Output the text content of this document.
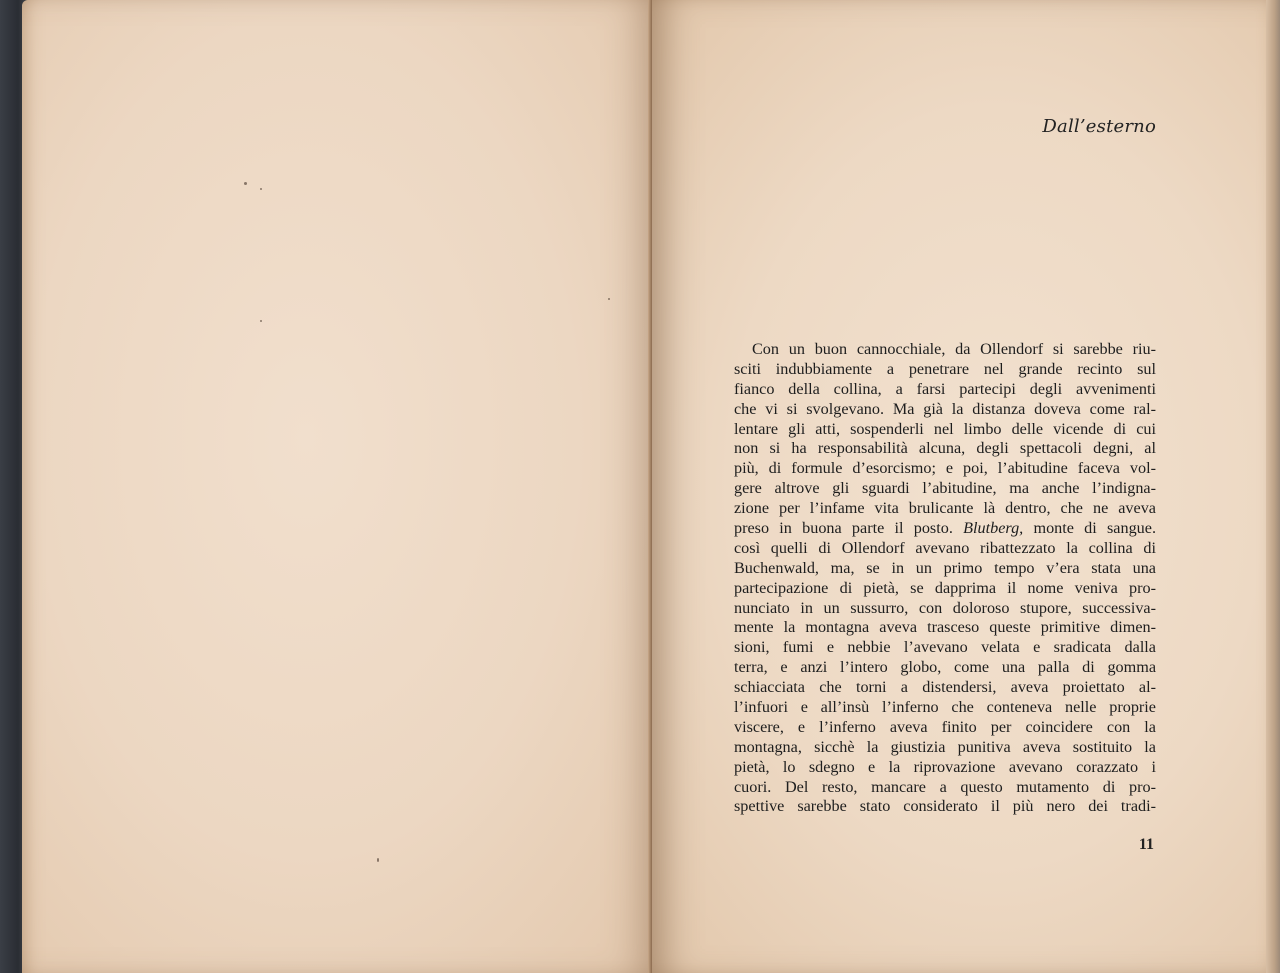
Dall’esterno

Con un buon cannocchiale, da Ollendorf si sarebbe riu-
sciti indubbiamente a penetrare nel grande recinto sul
fianco della collina, a farsi partecipi degli avvenimenti
che vi si svolgevano. Ma già la distanza doveva come ral-
lentare gli atti, sospenderli nel limbo delle vicende di cui
non si ha responsabilità alcuna, degli spettacoli degni, al
più, di formule d’esorcismo; e poi, l’abitudine faceva vol-
gere altrove gli sguardi l’abitudine, ma anche l’indigna-
zione per l’infame vita brulicante là dentro, che ne aveva
preso in buona parte il posto. Blutberg, monte di sangue.
così quelli di Ollendorf avevano ribattezzato la collina di
Buchenwald, ma, se in un primo tempo v’era stata una
partecipazione di pietà, se dapprima il nome veniva pro-
nunciato in un sussurro, con doloroso stupore, successiva-
mente la montagna aveva trasceso queste primitive dimen-
sioni, fumi e nebbie l’avevano velata e sradicata dalla
terra, e anzi l’intero globo, come una palla di gomma
schiacciata che torni a distendersi, aveva proiettato al-
l’infuori e all’insù l’inferno che conteneva nelle proprie
viscere, e l’inferno aveva finito per coincidere con la
montagna, sicchè la giustizia punitiva aveva sostituito la
pietà, lo sdegno e la riprovazione avevano corazzato i
cuori. Del resto, mancare a questo mutamento di pro-
spettive sarebbe stato considerato il più nero dei tradi-

11
